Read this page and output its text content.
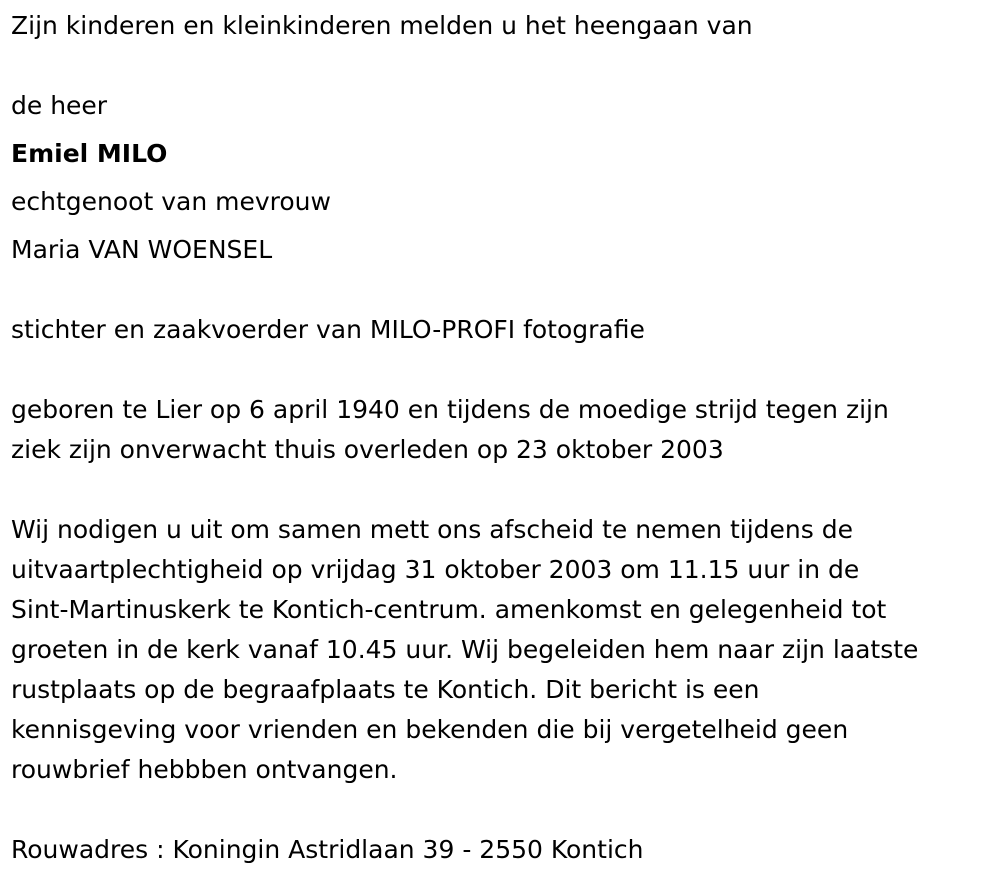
Zijn kinderen en kleinkinderen melden u het heengaan van
de heer
Emiel MILO
echtgenoot van mevrouw
Maria VAN WOENSEL
stichter en zaakvoerder van MILO-PROFI fotografie
geboren te Lier op 6 april 1940 en tijdens de moedige strijd tegen zijn
ziek zijn onverwacht thuis overleden op 23 oktober 2003
Wij nodigen u uit om samen mett ons afscheid te nemen tijdens de
uitvaartplechtigheid op vrijdag 31 oktober 2003 om 11.15 uur in de
Sint-Martinuskerk te Kontich-centrum. amenkomst en gelegenheid tot
groeten in de kerk vanaf 10.45 uur. Wij begeleiden hem naar zijn laatste
rustplaats op de begraafplaats te Kontich. Dit bericht is een
kennisgeving voor vrienden en bekenden die bij vergetelheid geen
rouwbrief hebbben ontvangen.
Rouwadres : Koningin Astridlaan 39 - 2550 Kontich
